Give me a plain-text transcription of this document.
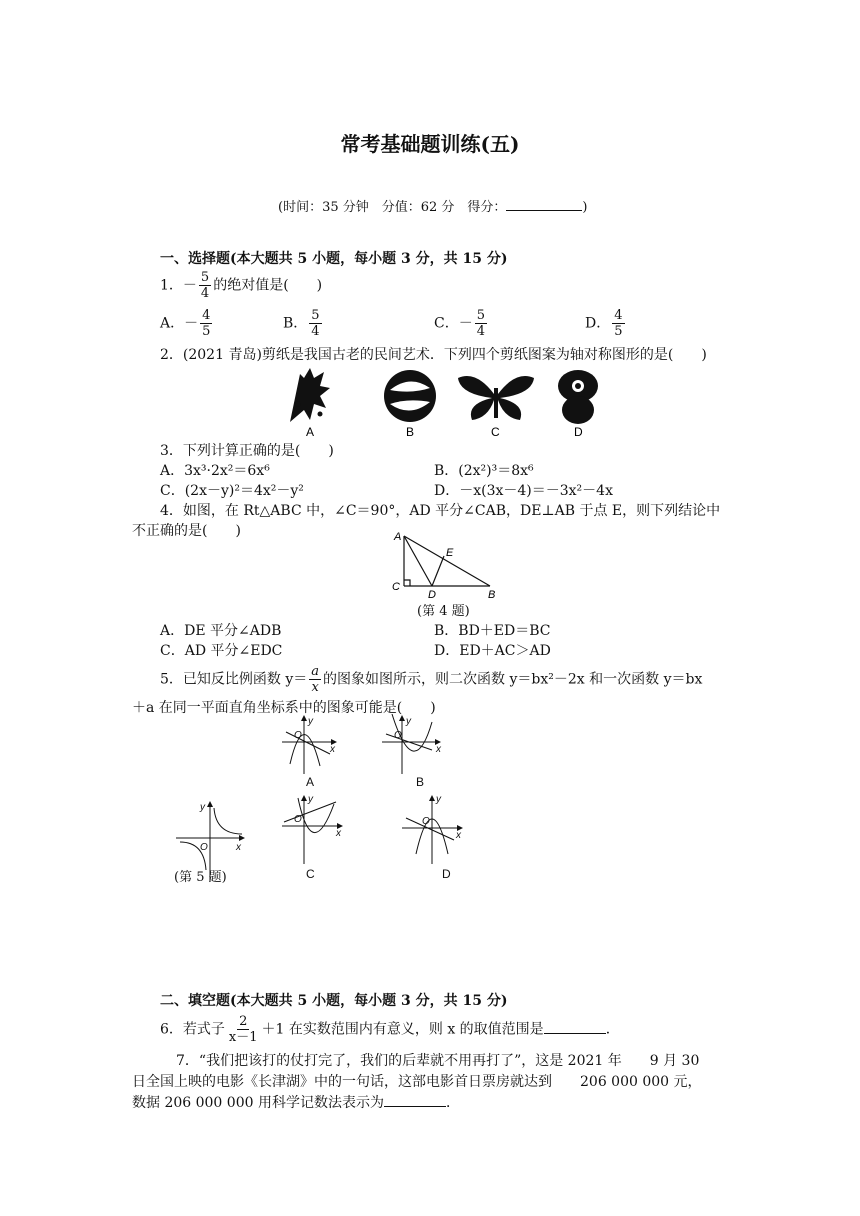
常考基础题训练(五)
(时间：35 分钟　分值：62 分　得分：	)
一、选择题(本大题共 5 小题，每小题 3 分，共 15 分)
1．－ $\frac{5}{4}$ 的绝对值是(　　)
A．－ $\frac{4}{5}$	B． $\frac{5}{4}$	C．－ $\frac{5}{4}$	D． $\frac{4}{5}$
2．(2021 青岛)剪纸是我国古老的民间艺术．下列四个剪纸图案为轴对称图形的是(　　)
A	B	C	D
3．下列计算正确的是(　　)
A．3x³·2x²＝6x⁶	B．(2x²)³＝8x⁶
C．(2x－y)²＝4x²－y²	D．－x(3x－4)＝－3x²－4x
4．如图，在 Rt△ABC 中，∠C＝90°，AD 平分∠CAB，DE⊥AB 于点 E，则下列结论中
不正确的是(　　)	A
E
C
D	B
(第 4 题)
A．DE 平分∠ADB	B．BD＋ED＝BC
C．AD 平分∠EDC	D．ED＋AC＞AD
5．已知反比例函数 $y= \frac{a}{x}$ 的图象如图所示，则二次函数 y＝bx²－2x 和一次函数 y＝bx
＋a 在同一平面直角坐标系中的图象可能是(　　)
y
x
O
y
x
O
y
x
O
y
x
O
y
x
O
A	B
C	D
(第 5 题)
二、填空题(本大题共 5 小题，每小题 3 分，共 15 分)
6．若式子 $\frac{2}{x-1} +1$ 在实数范围内有意义，则 x 的取值范围是	．
7．“我们把该打的仗打完了，我们的后辈就不用再打了”，这是 2021 年　　9 月 30
日全国上映的电影《长津湖》中的一句话，这部电影首日票房就达到　　206 000 000 元，
数据 206 000 000 用科学记数法表示为	．
